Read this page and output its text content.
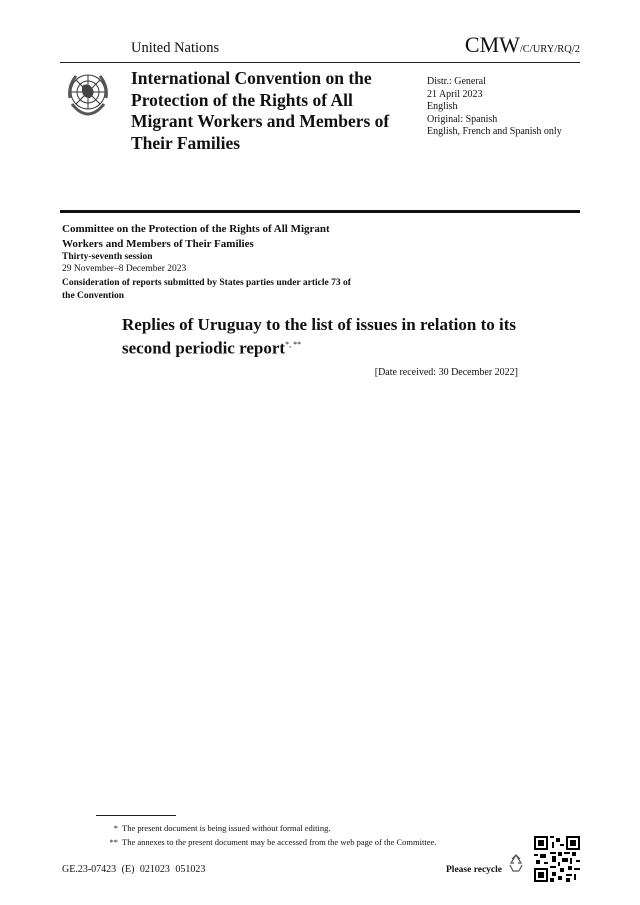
United Nations	CMW/C/URY/RQ/2
International Convention on the Protection of the Rights of All Migrant Workers and Members of Their Families
Distr.: General
21 April 2023
English
Original: Spanish
English, French and Spanish only
Committee on the Protection of the Rights of All Migrant Workers and Members of Their Families
Thirty-seventh session
29 November–8 December 2023
Consideration of reports submitted by States parties under article 73 of the Convention
Replies of Uruguay to the list of issues in relation to its second periodic report*, **
[Date received: 30 December 2022]
* The present document is being issued without formal editing.
** The annexes to the present document may be accessed from the web page of the Committee.
GE.23-07423 (E) 021023 051023	Please recycle
